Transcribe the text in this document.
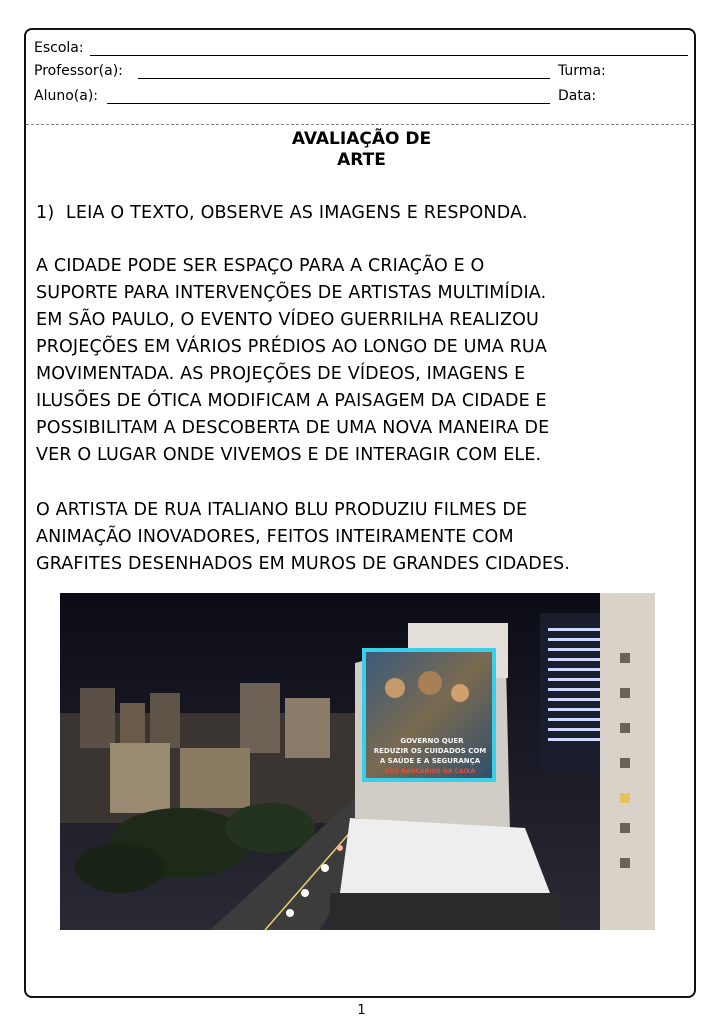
Escola:
Professor(a):	Turma:
Aluno(a):	Data:
AVALIAÇÃO DE
ARTE
1) LEIA O TEXTO, OBSERVE AS IMAGENS E RESPONDA.
A CIDADE PODE SER ESPAÇO PARA A CRIAÇÃO E O
SUPORTE PARA INTERVENÇÕES DE ARTISTAS MULTIMÍDIA.
EM SÃO PAULO, O EVENTO VÍDEO GUERRILHA REALIZOU
PROJEÇÕES EM VÁRIOS PRÉDIOS AO LONGO DE UMA RUA
MOVIMENTADA. AS PROJEÇÕES DE VÍDEOS, IMAGENS E
ILUSÕES DE ÓTICA MODIFICAM A PAISAGEM DA CIDADE E
POSSIBILITAM A DESCOBERTA DE UMA NOVA MANEIRA DE
VER O LUGAR ONDE VIVEMOS E DE INTERAGIR COM ELE.
O ARTISTA DE RUA ITALIANO BLU PRODUZIU FILMES DE
ANIMAÇÃO INOVADORES, FEITOS INTEIRAMENTE COM
GRAFITES DESENHADOS EM MUROS DE GRANDES CIDADES.
GOVERNO QUER
REDUZIR OS CUIDADOS COM
A SAÚDE E A SEGURANÇA
DOS BANCÁRIOS DA CAIXA
1
